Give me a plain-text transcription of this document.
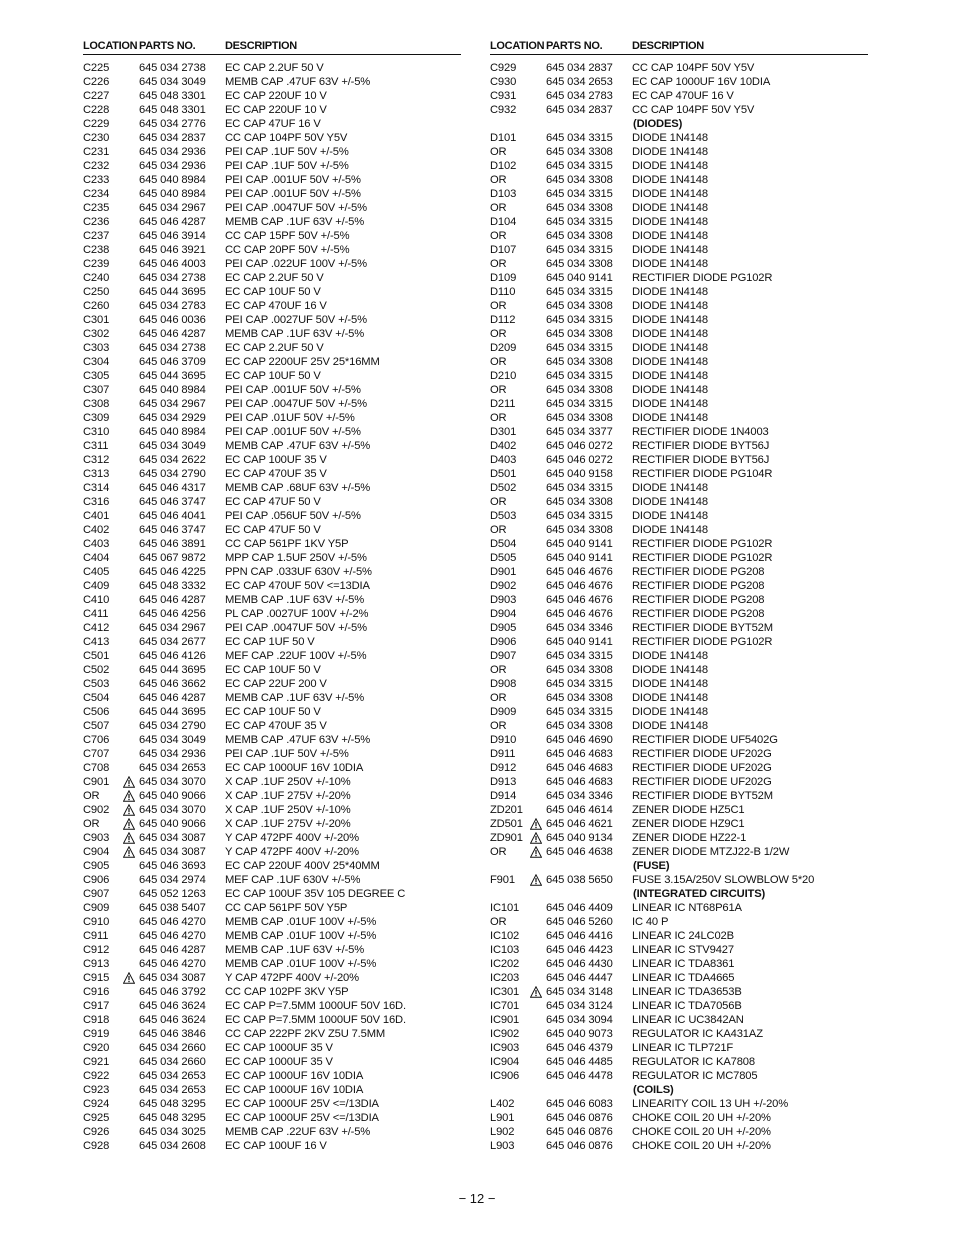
LOCATION PARTS NO.	DESCRIPTION
C225	645 034 2738 EC CAP 2.2UF 50 V
C226	645 034 3049 MEMB CAP .47UF 63V +/-5%
C227	645 048 3301 EC CAP 220UF 10 V
C228	645 048 3301 EC CAP 220UF 10 V
C229	645 034 2776 EC CAP 47UF 16 V
C230	645 034 2837 CC CAP 104PF 50V Y5V
C231	645 034 2936 PEI CAP .1UF 50V +/-5%
C232	645 034 2936 PEI CAP .1UF 50V +/-5%
C233	645 040 8984 PEI CAP .001UF 50V +/-5%
C234	645 040 8984 PEI CAP .001UF 50V +/-5%
C235	645 034 2967 PEI CAP .0047UF 50V +/-5%
C236	645 046 4287 MEMB CAP .1UF 63V +/-5%
C237	645 046 3914 CC CAP 15PF 50V +/-5%
C238	645 046 3921 CC CAP 20PF 50V +/-5%
C239	645 046 4003 PEI CAP .022UF 100V +/-5%
C240	645 034 2738 EC CAP 2.2UF 50 V
C250	645 044 3695 EC CAP 10UF 50 V
C260	645 034 2783 EC CAP 470UF 16 V
C301	645 046 0036 PEI CAP .0027UF 50V +/-5%
C302	645 046 4287 MEMB CAP .1UF 63V +/-5%
C303	645 034 2738 EC CAP 2.2UF 50 V
C304	645 046 3709 EC CAP 2200UF 25V 25*16MM
C305	645 044 3695 EC CAP 10UF 50 V
C307	645 040 8984 PEI CAP .001UF 50V +/-5%
C308	645 034 2967 PEI CAP .0047UF 50V +/-5%
C309	645 034 2929 PEI CAP .01UF 50V +/-5%
C310	645 040 8984 PEI CAP .001UF 50V +/-5%
C311	645 034 3049 MEMB CAP .47UF 63V +/-5%
C312	645 034 2622 EC CAP 100UF 35 V
C313	645 034 2790 EC CAP 470UF 35 V
C314	645 046 4317 MEMB CAP .68UF 63V +/-5%
C316	645 046 3747 EC CAP 47UF 50 V
C401	645 046 4041 PEI CAP .056UF 50V +/-5%
C402	645 046 3747 EC CAP 47UF 50 V
C403	645 046 3891 CC CAP 561PF 1KV Y5P
C404	645 067 9872 MPP CAP 1.5UF 250V +/-5%
C405	645 046 4225 PPN CAP .033UF 630V +/-5%
C409	645 048 3332 EC CAP 470UF 50V <=13DIA
C410	645 046 4287 MEMB CAP .1UF 63V +/-5%
C411	645 046 4256 PL CAP .0027UF 100V +/-2%
C412	645 034 2967 PEI CAP .0047UF 50V +/-5%
C413	645 034 2677 EC CAP 1UF 50 V
C501	645 046 4126 MEF CAP .22UF 100V +/-5%
C502	645 044 3695 EC CAP 10UF 50 V
C503	645 046 3662 EC CAP 22UF 200 V
C504	645 046 4287 MEMB CAP .1UF 63V +/-5%
C506	645 044 3695 EC CAP 10UF 50 V
C507	645 034 2790 EC CAP 470UF 35 V
C706	645 034 3049 MEMB CAP .47UF 63V +/-5%
C707	645 034 2936 PEI CAP .1UF 50V +/-5%
C708	645 034 2653 EC CAP 1000UF 16V 10DIA
C901	645 034 3070 X CAP .1UF 250V +/-10%
OR	645 040 9066 X CAP .1UF 275V +/-20%
C902	645 034 3070 X CAP .1UF 250V +/-10%
OR	645 040 9066 X CAP .1UF 275V +/-20%
C903	645 034 3087 Y CAP 472PF 400V +/-20%
C904	645 034 3087 Y CAP 472PF 400V +/-20%
C905	645 046 3693 EC CAP 220UF 400V 25*40MM
C906	645 034 2974 MEF CAP .1UF 630V +/-5%
C907	645 052 1263 EC CAP 100UF 35V 105 DEGREE C
C909	645 038 5407 CC CAP 561PF 50V Y5P
C910	645 046 4270 MEMB CAP .01UF 100V +/-5%
C911	645 046 4270 MEMB CAP .01UF 100V +/-5%
C912	645 046 4287 MEMB CAP .1UF 63V +/-5%
C913	645 046 4270 MEMB CAP .01UF 100V +/-5%
C915	645 034 3087 Y CAP 472PF 400V +/-20%
C916	645 046 3792 CC CAP 102PF 3KV Y5P
C917	645 046 3624 EC CAP P=7.5MM 1000UF 50V 16D.
C918	645 046 3624 EC CAP P=7.5MM 1000UF 50V 16D.
C919	645 046 3846 CC CAP 222PF 2KV Z5U 7.5MM
C920	645 034 2660 EC CAP 1000UF 35 V
C921	645 034 2660 EC CAP 1000UF 35 V
C922	645 034 2653 EC CAP 1000UF 16V 10DIA
C923	645 034 2653 EC CAP 1000UF 16V 10DIA
C924	645 048 3295 EC CAP 1000UF 25V <=/13DIA
C925	645 048 3295 EC CAP 1000UF 25V <=/13DIA
C926	645 034 3025 MEMB CAP .22UF 63V +/-5%
C928	645 034 2608 EC CAP 100UF 16 V
LOCATION PARTS NO.	DESCRIPTION
C929	645 034 2837 CC CAP 104PF 50V Y5V
C930	645 034 2653 EC CAP 1000UF 16V 10DIA
C931	645 034 2783 EC CAP 470UF 16 V
C932	645 034 2837 CC CAP 104PF 50V Y5V
(DIODES)
D101	645 034 3315 DIODE 1N4148
OR	645 034 3308 DIODE 1N4148
D102	645 034 3315 DIODE 1N4148
OR	645 034 3308 DIODE 1N4148
D103	645 034 3315 DIODE 1N4148
OR	645 034 3308 DIODE 1N4148
D104	645 034 3315 DIODE 1N4148
OR	645 034 3308 DIODE 1N4148
D107	645 034 3315 DIODE 1N4148
OR	645 034 3308 DIODE 1N4148
D109	645 040 9141 RECTIFIER DIODE PG102R
D110	645 034 3315 DIODE 1N4148
OR	645 034 3308 DIODE 1N4148
D112	645 034 3315 DIODE 1N4148
OR	645 034 3308 DIODE 1N4148
D209	645 034 3315 DIODE 1N4148
OR	645 034 3308 DIODE 1N4148
D210	645 034 3315 DIODE 1N4148
OR	645 034 3308 DIODE 1N4148
D211	645 034 3315 DIODE 1N4148
OR	645 034 3308 DIODE 1N4148
D301	645 034 3377 RECTIFIER DIODE 1N4003
D402	645 046 0272 RECTIFIER DIODE BYT56J
D403	645 046 0272 RECTIFIER DIODE BYT56J
D501	645 040 9158 RECTIFIER DIODE PG104R
D502	645 034 3315 DIODE 1N4148
OR	645 034 3308 DIODE 1N4148
D503	645 034 3315 DIODE 1N4148
OR	645 034 3308 DIODE 1N4148
D504	645 040 9141 RECTIFIER DIODE PG102R
D505	645 040 9141 RECTIFIER DIODE PG102R
D901	645 046 4676 RECTIFIER DIODE PG208
D902	645 046 4676 RECTIFIER DIODE PG208
D903	645 046 4676 RECTIFIER DIODE PG208
D904	645 046 4676 RECTIFIER DIODE PG208
D905	645 034 3346 RECTIFIER DIODE BYT52M
D906	645 040 9141 RECTIFIER DIODE PG102R
D907	645 034 3315 DIODE 1N4148
OR	645 034 3308 DIODE 1N4148
D908	645 034 3315 DIODE 1N4148
OR	645 034 3308 DIODE 1N4148
D909	645 034 3315 DIODE 1N4148
OR	645 034 3308 DIODE 1N4148
D910	645 046 4690 RECTIFIER DIODE UF5402G
D911	645 046 4683 RECTIFIER DIODE UF202G
D912	645 046 4683 RECTIFIER DIODE UF202G
D913	645 046 4683 RECTIFIER DIODE UF202G
D914	645 034 3346 RECTIFIER DIODE BYT52M
ZD201 645 046 4614 ZENER DIODE HZ5C1
ZD501 645 046 4621 ZENER DIODE HZ9C1
ZD901 645 040 9134 ZENER DIODE HZ22-1
OR	645 046 4638 ZENER DIODE MTZJ22-B 1/2W
(FUSE)
F901	645 038 5650 FUSE 3.15A/250V SLOWBLOW 5*20
(INTEGRATED CIRCUITS)
IC101 645 046 4409 LINEAR IC NT68P61A
OR	645 046 5260 IC 40 P
IC102 645 046 4416 LINEAR IC 24LC02B
IC103 645 046 4423 LINEAR IC STV9427
IC202 645 046 4430 LINEAR IC TDA8361
IC203 645 046 4447 LINEAR IC TDA4665
IC301 645 034 3148 LINEAR IC TDA3653B
IC701 645 034 3124 LINEAR IC TDA7056B
IC901 645 034 3094 LINEAR IC UC3842AN
IC902 645 040 9073 REGULATOR IC KA431AZ
IC903 645 046 4379 LINEAR IC TLP721F
IC904 645 046 4485 REGULATOR IC KA7808
IC906 645 046 4478 REGULATOR IC MC7805
(COILS)
L402	645 046 6083 LINEARITY COIL 13 UH +/-20%
L901	645 046 0876 CHOKE COIL 20 UH +/-20%
L902	645 046 0876 CHOKE COIL 20 UH +/-20%
L903	645 046 0876 CHOKE COIL 20 UH +/-20%
− 12 −
